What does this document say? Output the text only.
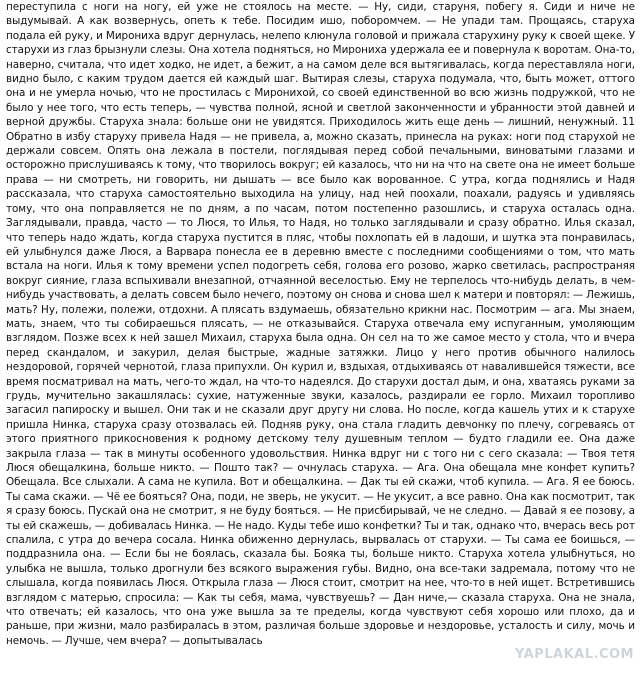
переступила с ноги на ногу, ей уже не стоялось на месте. — Ну, сиди, старуня, побегу я. Сиди и ниче не выдумывай. А как возвернусь, опеть к тебе. Посидим ишо, поборомчем. — Не упади там. Прощаясь, старуха подала ей руку, и Мирониха вдруг дернулась, нелепо клюнула головой и прижала старухину руку к своей щеке. У старухи из глаз брызнули слезы. Она хотела подняться, но Мирониха удержала ее и повернула к воротам. Она-то, наверно, считала, что идет ходко, не идет, а бежит, а на самом деле вся вытягивалась, когда переставляла ноги, видно было, с каким трудом дается ей каждый шаг. Вытирая слезы, старуха подумала, что, быть может, оттого она и не умерла ночью, что не простилась с Миронихой, со своей единственной во всю жизнь подружкой, что не было у нее того, что есть теперь, — чувства полной, ясной и светлой законченности и убранности этой давней и верной дружбы. Старуха знала: больше они не увидятся. Приходилось жить еще день — лишний, ненужный. 11 Обратно в избу старуху привела Надя — не привела, а, можно сказать, принесла на руках: ноги под старухой не держали совсем. Опять она лежала в постели, поглядывая перед собой печальными, виноватыми глазами и осторожно прислушиваясь к тому, что творилось вокруг; ей казалось, что ни на что на свете она не имеет больше права — ни смотреть, ни говорить, ни дышать — все было как ворованное. С утра, когда поднялись и Надя рассказала, что старуха самостоятельно выходила на улицу, над ней поохали, поахали, радуясь и удивляясь тому, что она поправляется не по дням, а по часам, потом постепенно разошлись, и старуха осталась одна. Заглядывали, правда, часто — то Люся, то Илья, то Надя, но только заглядывали и сразу обратно. Илья сказал, что теперь надо ждать, когда старуха пустится в пляс, чтобы похлопать ей в ладоши, и шутка эта понравилась, ей улыбнулся даже Люся, а Варвара понесла ее в деревню вместе с последними сообщениями о том, что мать встала на ноги. Илья к тому времени успел подогреть себя, голова его розово, жарко светилась, распространяя вокруг сияние, глаза вспыхивали внезапной, отчаянной веселостью. Ему не терпелось что-нибудь делать, в чем-нибудь участвовать, а делать совсем было нечего, поэтому он снова и снова шел к матери и повторял: — Лежишь, мать? Ну, полежи, полежи, отдохни. А плясать вздумаешь, обязательно крикни нас. Посмотрим — ага. Мы знаем, мать, знаем, что ты собираешься плясать, — не отказывайся. Старуха отвечала ему испуганным, умоляющим взглядом. Позже всех к ней зашел Михаил, старуха была одна. Он сел на то же самое место у стола, что и вчера перед скандалом, и закурил, делая быстрые, жадные затяжки. Лицо у него против обычного налилось нездоровой, горячей чернотой, глаза припухли. Он курил и, вздыхая, отдыхиваясь от навалившейся тяжести, все время посматривал на мать, чего-то ждал, на что-то надеялся. До старухи достал дым, и она, хватаясь руками за грудь, мучительно закашлялась: сухие, натуженные звуки, казалось, раздирали ее горло. Михаил торопливо загасил папироску и вышел. Они так и не сказали друг другу ни слова. Но после, когда кашель утих и к старухе пришла Нинка, старуха сразу отозвалась ей. Подняв руку, она стала гладить девчонку по плечу, согреваясь от этого приятного прикосновения к родному детскому телу душевным теплом — будто гладили ее. Она даже закрыла глаза — так в минуты особенного удовольствия. Нинка вдруг ни с того ни с сего сказала: — Твоя тетя Люся обещалкина, больше никто. — Пошто так? — очнулась старуха. — Ага. Она обещала мне конфет купить? Обещала. Все слыхали. А сама не купила. Вот и обещалкина. — Дак ты ей скажи, чтоб купила. — Ага. Я ее боюсь. Ты сама скажи. — Чё ее бояться? Она, поди, не зверь, не укусит. — Не укусит, а все равно. Она как посмотрит, так я сразу боюсь. Пускай она не смотрит, я не буду бояться. — Не присбирывай, че не следно. — Давай я ее позову, а ты ей скажешь, — добивалась Нинка. — Не надо. Куды тебе ишо конфетки? Ты и так, однако что, вчерась весь рот спалила, с утра до вечера сосала. Нинка обиженно дернулась, вырвалась от старухи. — Ты сама ее боишься, — поддразнила она. — Если бы не боялась, сказала бы. Бояка ты, больше никто. Старуха хотела улыбнуться, но улыбка не вышла, только дрогнули без всякого выражения губы. Видно, она все-таки задремала, потому что не слышала, когда появилась Люся. Открыла глаза — Люся стоит, смотрит на нее, что-то в ней ищет. Встретившись взглядом с матерью, спросила: — Как ты себя, мама, чувствуешь? — Дан ниче,— сказала старуха. Она не знала, что отвечать; ей казалось, что она уже вышла за те пределы, когда чувствуют себя хорошо или плохо, да и раньше, при жизни, мало разбиралась в этом, различая больше здоровье и нездоровье, усталость и силу, мочь и немочь. — Лучше, чем вчера? — допытывалась

YAPLAKAL.COM
